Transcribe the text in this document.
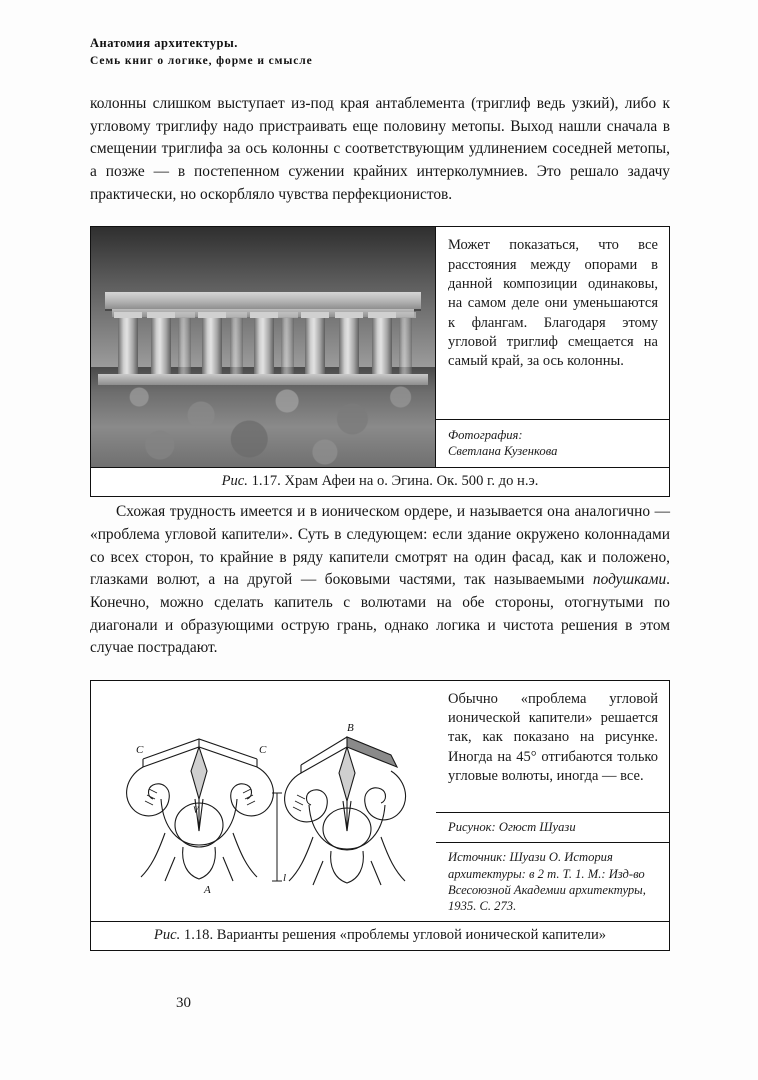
Анатомия архитектуры.
Семь книг о логике, форме и смысле

колонны слишком выступает из-под края антаблемента (триглиф ведь узкий), либо к угловому триглифу надо пристраивать еще половину метопы. Выход нашли сначала в смещении триглифа за ось колонны с соответствующим удлинением соседней метопы, а позже — в постепенном сужении крайних интерколумниев. Это решало задачу практически, но оскорбляло чувства перфекционистов.

Может показаться, что все расстояния между опорами в данной композиции одинаковы, на самом деле они уменьшаются к флангам. Благодаря этому угловой триглиф смещается на самый край, за ось колонны.
Фотография:
Светлана Кузенкова
Рис. 1.17. Храм Афеи на о. Эгина. Ок. 500 г. до н.э.

Схожая трудность имеется и в ионическом ордере, и называется она аналогично — «проблема угловой капители». Суть в следующем: если здание окружено колоннадами со всех сторон, то крайние в ряду капители смотрят на один фасад, как и положено, глазками волют, а на другой — боковыми частями, так называемыми подушками. Конечно, можно сделать капитель с волютами на обе стороны, отогнутыми по диагонали и образующими острую грань, однако логика и чистота решения в этом случае пострадают.

C	C
V
A
B
l
Обычно «проблема угловой ионической капители» решается так, как показано на рисунке. Иногда на 45° отгибаются только угловые волюты, иногда — все.
Рисунок: Огюст Шуази
Источник: Шуази О. История архитектуры: в 2 т. Т. 1. М.: Изд-во Всесоюзной Академии архитектуры, 1935. С. 273.
Рис. 1.18. Варианты решения «проблемы угловой ионической капители»
30
